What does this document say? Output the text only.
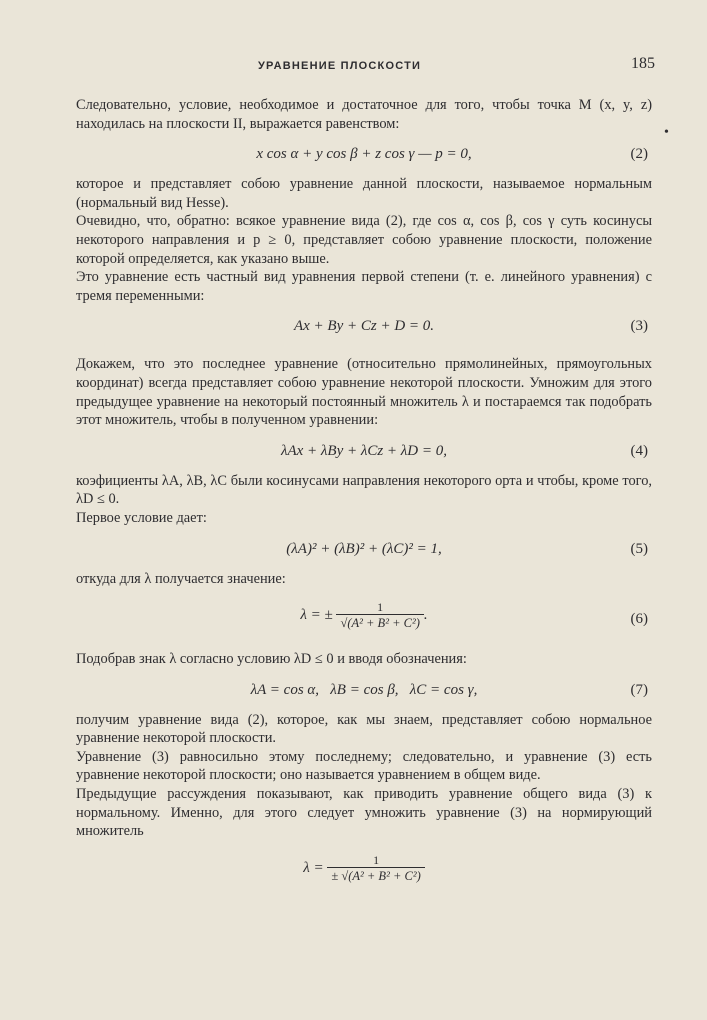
УРАВНЕНИЕ ПЛОСКОСТИ	185
•

Следовательно, условие, необходимое и достаточное для того, чтобы точка M (x, y, z) находилась на плоскости II, выражается равенством:

x cos α + y cos β + z cos γ — p = 0,	(2)

которое и представляет собою уравнение данной плоскости, называемое нормальным (нормальный вид Hesse).

Очевидно, что, обратно: всякое уравнение вида (2), где cos α, cos β, cos γ суть косинусы некоторого направления и p ≥ 0, представляет собою уравнение плоскости, положение которой определяется, как указано выше.

Это уравнение есть частный вид уравнения первой степени (т. е. линейного уравнения) с тремя переменными:

Ax + By + Cz + D = 0.	(3)

Докажем, что это последнее уравнение (относительно прямолинейных, прямоугольных координат) всегда представляет собою уравнение некоторой плоскости. Умножим для этого предыдущее уравнение на некоторый постоянный множитель λ и постараемся так подобрать этот множитель, чтобы в полученном уравнении:

λAx + λBy + λCz + λD = 0,	(4)

коэфициенты λA, λB, λC были косинусами направления некоторого орта и чтобы, кроме того, λD ≤ 0.

Первое условие дает:

(λA)² + (λB)² + (λC)² = 1,	(5)

откуда для λ получается значение:

λ = ± $\frac{1}{\text{√(A² + B² + C²)}}$ .	(6)

Подобрав знак λ согласно условию λD ≤ 0 и вводя обозначения:

λA = cos α,   λB = cos β,   λC = cos γ,	(7)

получим уравнение вида (2), которое, как мы знаем, представляет собою нормальное уравнение некоторой плоскости.

Уравнение (3) равносильно этому последнему; следовательно, и уравнение (3) есть уравнение некоторой плоскости; оно называется уравнением в общем виде.

Предыдущие рассуждения показывают, как приводить уравнение общего вида (3) к нормальному. Именно, для этого следует умножить уравнение (3) на нормирующий множитель

$\lambda = \frac{1}{\text{± √(A² + B² + C²)}}$
